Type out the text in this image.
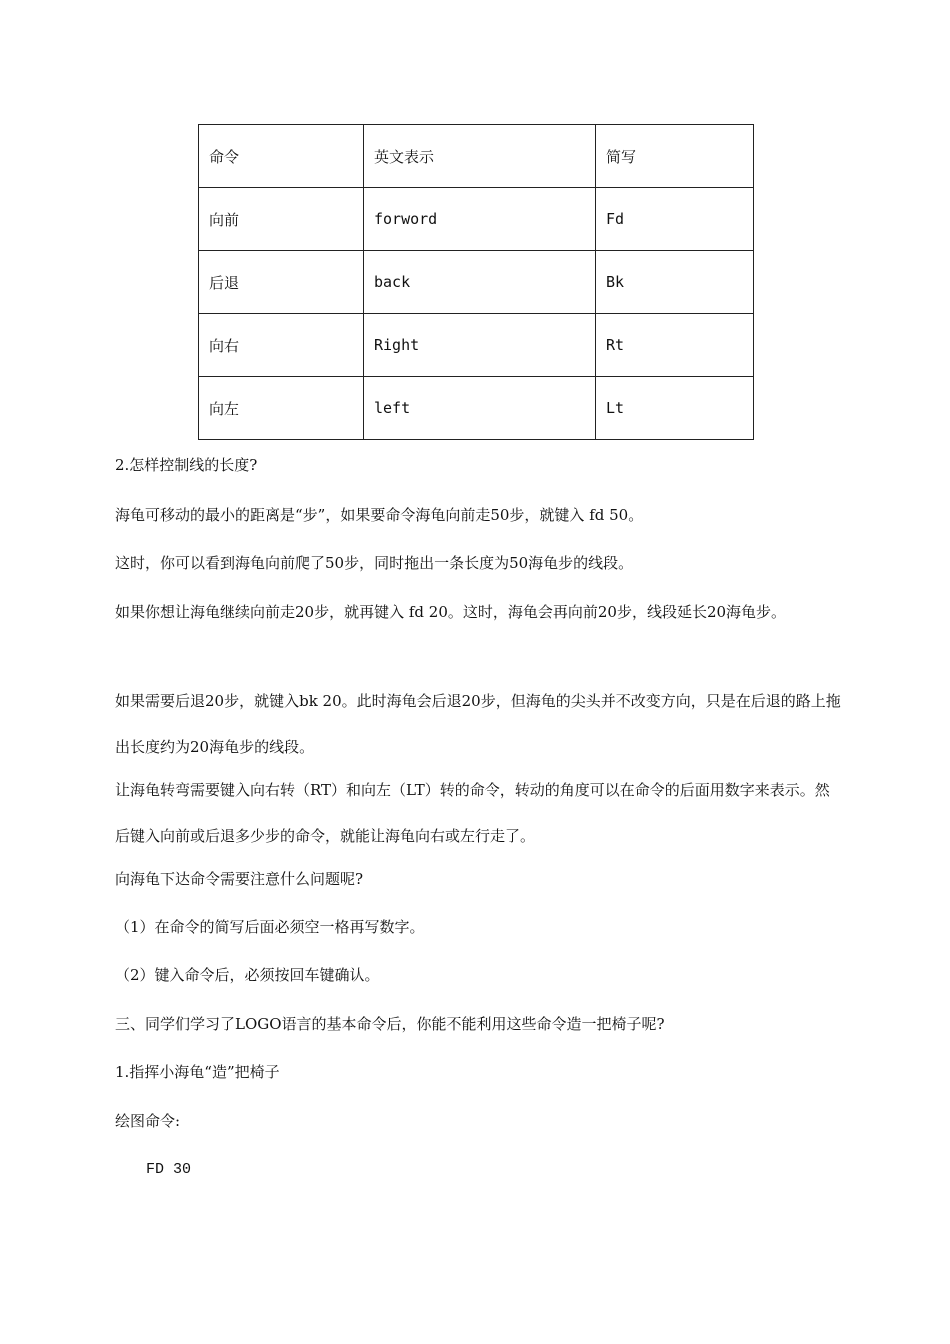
命令	英文表示	简写
向前	forword	Fd
后退	back	Bk
向右	Right	Rt
向左	left	Lt
2.怎样控制线的长度?
海龟可移动的最小的距离是“步”，如果要命令海龟向前走50步，就键入 fd 50。
这时，你可以看到海龟向前爬了50步，同时拖出一条长度为50海龟步的线段。
如果你想让海龟继续向前走20步，就再键入 fd 20。这时，海龟会再向前20步，线段延长20海龟步。
如果需要后退20步，就键入bk 20。此时海龟会后退20步，但海龟的尖头并不改变方向，只是在后退的路上拖出长度约为20海龟步的线段。
让海龟转弯需要键入向右转（RT）和向左（LT）转的命令，转动的角度可以在命令的后面用数字来表示。然后键入向前或后退多少步的命令，就能让海龟向右或左行走了。
向海龟下达命令需要注意什么问题呢?
（1）在命令的简写后面必须空一格再写数字。
（2）键入命令后，必须按回车键确认。
三、同学们学习了LOGO语言的基本命令后，你能不能利用这些命令造一把椅子呢?
1.指挥小海龟“造”把椅子
绘图命令:
FD 30
